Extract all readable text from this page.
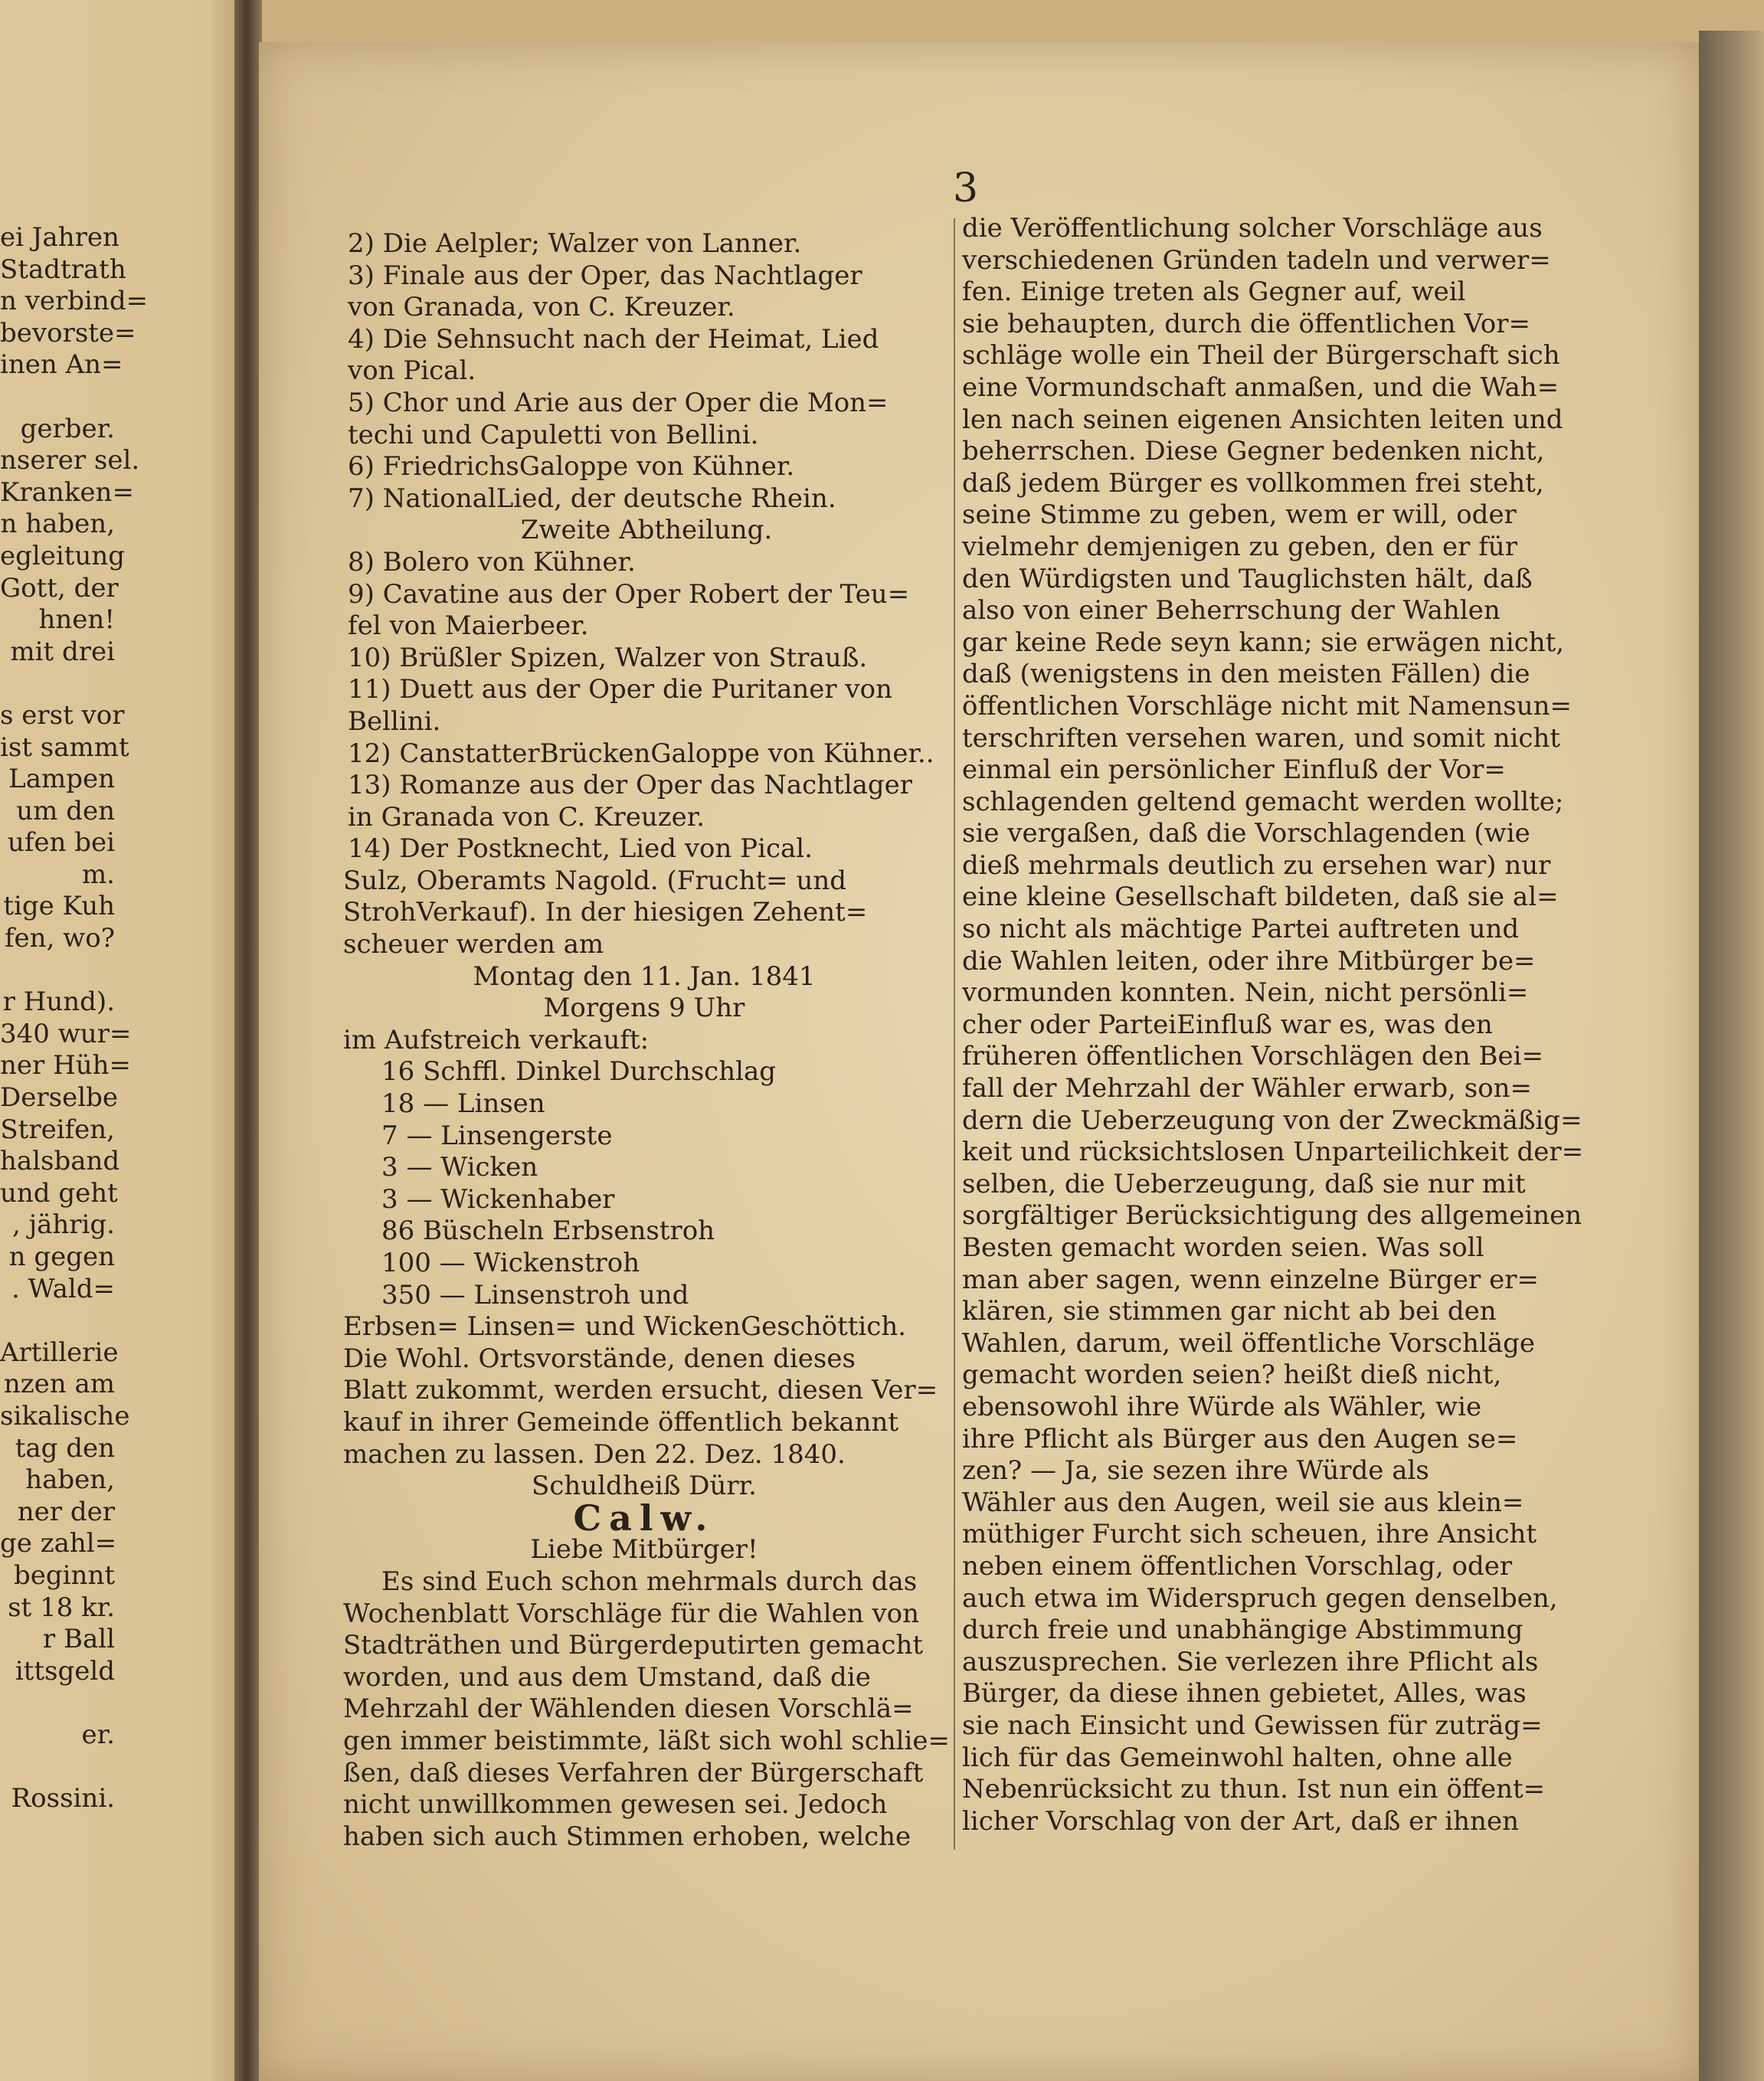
3
ei Jahren
Stadtrath
n verbind=
bevorste=
inen An=

gerber.
nserer sel.
Kranken=
n haben,
egleitung
Gott, der
hnen!
mit drei

s erst vor
ist sammt
Lampen
um den
ufen bei
m.
tige Kuh
fen, wo?

r Hund).
340 wur=
ner Hüh=
Derselbe
Streifen,
halsband
und geht
, jährig.
n gegen
. Wald=

Artillerie
nzen am
sikalische
tag den
haben,
ner der
ge zahl=
beginnt
st 18 kr.
r Ball
ittsgeld

er.

Rossini.
2) Die Aelpler; Walzer von Lanner.
3) Finale aus der Oper, das Nachtlager
von Granada, von C. Kreuzer.
4) Die Sehnsucht nach der Heimat, Lied
von Pical.
5) Chor und Arie aus der Oper die Mon=
techi und Capuletti von Bellini.
6) FriedrichsGaloppe von Kühner.
7) NationalLied, der deutsche Rhein.
Zweite Abtheilung.
8) Bolero von Kühner.
9) Cavatine aus der Oper Robert der Teu=
fel von Maierbeer.
10) Brüßler Spizen, Walzer von Strauß.
11) Duett aus der Oper die Puritaner von
Bellini.
12) CanstatterBrückenGaloppe von Kühner..
13) Romanze aus der Oper das Nachtlager
in Granada von C. Kreuzer.
14) Der Postknecht, Lied von Pical.
Sulz, Oberamts Nagold. (Frucht= und
StrohVerkauf). In der hiesigen Zehent=
scheuer werden am
Montag den 11. Jan. 1841
Morgens 9 Uhr
im Aufstreich verkauft:
16 Schffl. Dinkel Durchschlag
18 — Linsen
7 — Linsengerste
3 — Wicken
3 — Wickenhaber
86 Büscheln Erbsenstroh
100 — Wickenstroh
350 — Linsenstroh und
Erbsen= Linsen= und WickenGeschöttich.
Die Wohl. Ortsvorstände, denen dieses
Blatt zukommt, werden ersucht, diesen Ver=
kauf in ihrer Gemeinde öffentlich bekannt
machen zu lassen. Den 22. Dez. 1840.
Schuldheiß Dürr.
Calw.
Liebe Mitbürger!
Es sind Euch schon mehrmals durch das
Wochenblatt Vorschläge für die Wahlen von
Stadträthen und Bürgerdeputirten gemacht
worden, und aus dem Umstand, daß die
Mehrzahl der Wählenden diesen Vorschlä=
gen immer beistimmte, läßt sich wohl schlie=
ßen, daß dieses Verfahren der Bürgerschaft
nicht unwillkommen gewesen sei. Jedoch
haben sich auch Stimmen erhoben, welche
die Veröffentlichung solcher Vorschläge aus
verschiedenen Gründen tadeln und verwer=
fen. Einige treten als Gegner auf, weil
sie behaupten, durch die öffentlichen Vor=
schläge wolle ein Theil der Bürgerschaft sich
eine Vormundschaft anmaßen, und die Wah=
len nach seinen eigenen Ansichten leiten und
beherrschen. Diese Gegner bedenken nicht,
daß jedem Bürger es vollkommen frei steht,
seine Stimme zu geben, wem er will, oder
vielmehr demjenigen zu geben, den er für
den Würdigsten und Tauglichsten hält, daß
also von einer Beherrschung der Wahlen
gar keine Rede seyn kann; sie erwägen nicht,
daß (wenigstens in den meisten Fällen) die
öffentlichen Vorschläge nicht mit Namensun=
terschriften versehen waren, und somit nicht
einmal ein persönlicher Einfluß der Vor=
schlagenden geltend gemacht werden wollte;
sie vergaßen, daß die Vorschlagenden (wie
dieß mehrmals deutlich zu ersehen war) nur
eine kleine Gesellschaft bildeten, daß sie al=
so nicht als mächtige Partei auftreten und
die Wahlen leiten, oder ihre Mitbürger be=
vormunden konnten. Nein, nicht persönli=
cher oder ParteiEinfluß war es, was den
früheren öffentlichen Vorschlägen den Bei=
fall der Mehrzahl der Wähler erwarb, son=
dern die Ueberzeugung von der Zweckmäßig=
keit und rücksichtslosen Unparteilichkeit der=
selben, die Ueberzeugung, daß sie nur mit
sorgfältiger Berücksichtigung des allgemeinen
Besten gemacht worden seien. Was soll
man aber sagen, wenn einzelne Bürger er=
klären, sie stimmen gar nicht ab bei den
Wahlen, darum, weil öffentliche Vorschläge
gemacht worden seien? heißt dieß nicht,
ebensowohl ihre Würde als Wähler, wie
ihre Pflicht als Bürger aus den Augen se=
zen? — Ja, sie sezen ihre Würde als
Wähler aus den Augen, weil sie aus klein=
müthiger Furcht sich scheuen, ihre Ansicht
neben einem öffentlichen Vorschlag, oder
auch etwa im Widerspruch gegen denselben,
durch freie und unabhängige Abstimmung
auszusprechen. Sie verlezen ihre Pflicht als
Bürger, da diese ihnen gebietet, Alles, was
sie nach Einsicht und Gewissen für zuträg=
lich für das Gemeinwohl halten, ohne alle
Nebenrücksicht zu thun. Ist nun ein öffent=
licher Vorschlag von der Art, daß er ihnen
